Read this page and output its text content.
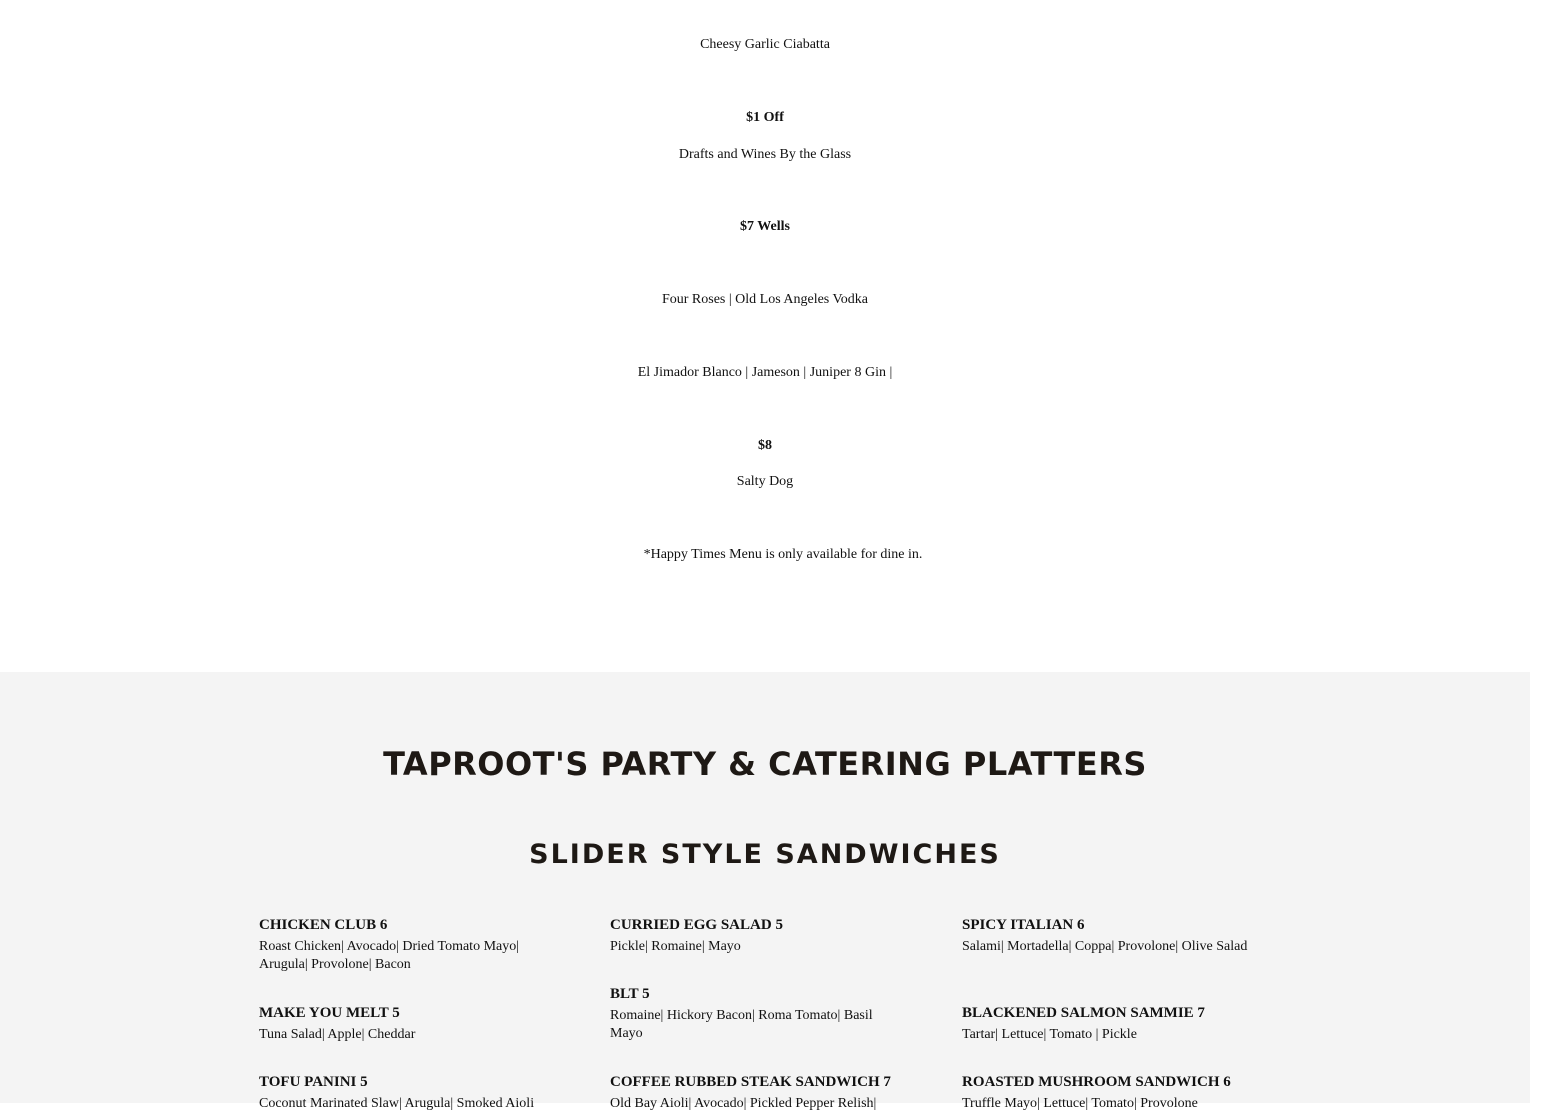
Cheesy Garlic Ciabatta
$1 Off
Drafts and Wines By the Glass
$7 Wells
Four Roses | Old Los Angeles Vodka
El Jimador Blanco | Jameson | Juniper 8 Gin |
$8
Salty Dog
*Happy Times Menu is only available for dine in.
TAPROOT'S PARTY & CATERING PLATTERS
SLIDER STYLE SANDWICHES
CHICKEN CLUB 6
Roast Chicken| Avocado| Dried Tomato Mayo| Arugula| Provolone| Bacon
MAKE YOU MELT 5
Tuna Salad| Apple| Cheddar
TOFU PANINI 5
Coconut Marinated Slaw| Arugula| Smoked Aioli
CURRIED EGG SALAD 5
Pickle| Romaine| Mayo
BLT 5
Romaine| Hickory Bacon| Roma Tomato| Basil Mayo
COFFEE RUBBED STEAK SANDWICH 7
Old Bay Aioli| Avocado| Pickled Pepper Relish|
SPICY ITALIAN 6
Salami| Mortadella| Coppa| Provolone| Olive Salad
BLACKENED SALMON SAMMIE 7
Tartar| Lettuce| Tomato | Pickle
ROASTED MUSHROOM SANDWICH 6
Truffle Mayo| Lettuce| Tomato| Provolone
